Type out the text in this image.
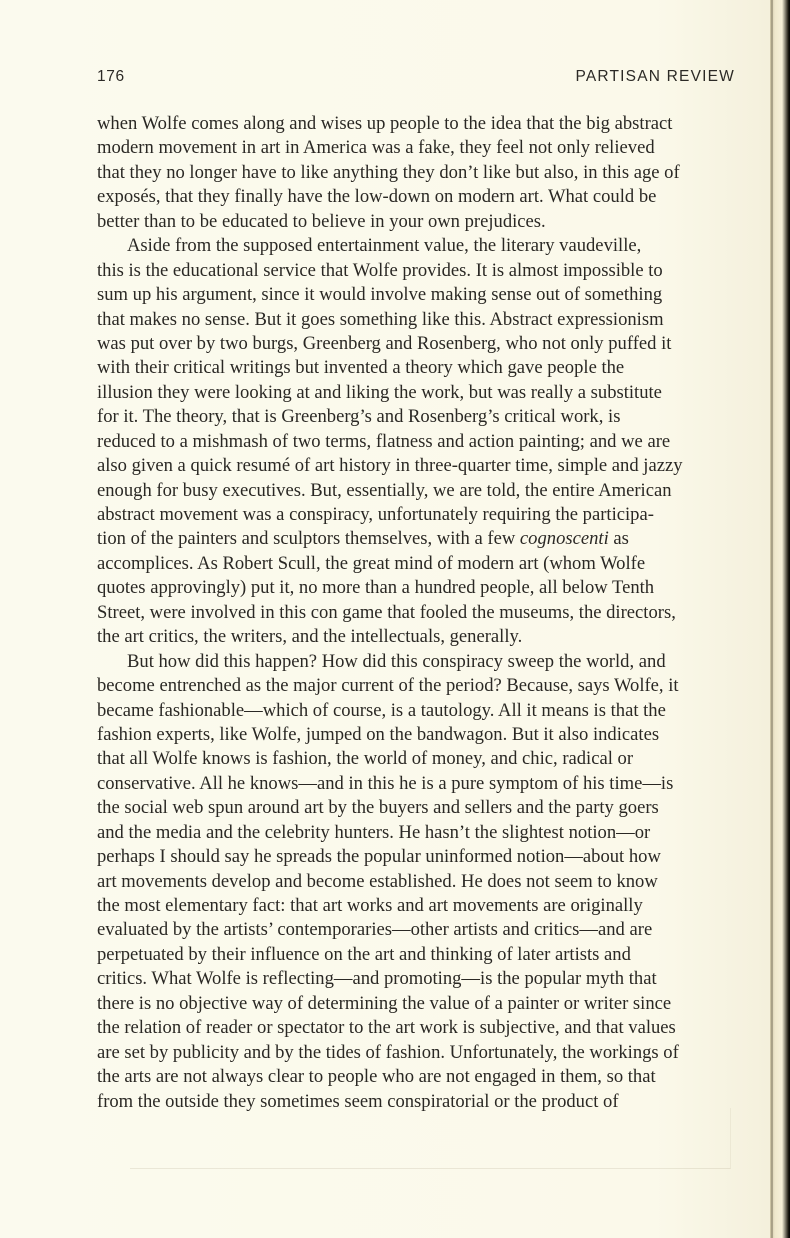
176	PARTISAN REVIEW
when Wolfe comes along and wises up people to the idea that the big abstract
modern movement in art in America was a fake, they feel not only relieved
that they no longer have to like anything they don’t like but also, in this age of
exposés, that they finally have the low-down on modern art. What could be
better than to be educated to believe in your own prejudices.
Aside from the supposed entertainment value, the literary vaudeville,
this is the educational service that Wolfe provides. It is almost impossible to
sum up his argument, since it would involve making sense out of something
that makes no sense. But it goes something like this. Abstract expressionism
was put over by two burgs, Greenberg and Rosenberg, who not only puffed it
with their critical writings but invented a theory which gave people the
illusion they were looking at and liking the work, but was really a substitute
for it. The theory, that is Greenberg’s and Rosenberg’s critical work, is
reduced to a mishmash of two terms, flatness and action painting; and we are
also given a quick resumé of art history in three-quarter time, simple and jazzy
enough for busy executives. But, essentially, we are told, the entire American
abstract movement was a conspiracy, unfortunately requiring the participa-
tion of the painters and sculptors themselves, with a few cognoscenti as
accomplices. As Robert Scull, the great mind of modern art (whom Wolfe
quotes approvingly) put it, no more than a hundred people, all below Tenth
Street, were involved in this con game that fooled the museums, the directors,
the art critics, the writers, and the intellectuals, generally.
But how did this happen? How did this conspiracy sweep the world, and
become entrenched as the major current of the period? Because, says Wolfe, it
became fashionable—which of course, is a tautology. All it means is that the
fashion experts, like Wolfe, jumped on the bandwagon. But it also indicates
that all Wolfe knows is fashion, the world of money, and chic, radical or
conservative. All he knows—and in this he is a pure symptom of his time—is
the social web spun around art by the buyers and sellers and the party goers
and the media and the celebrity hunters. He hasn’t the slightest notion—or
perhaps I should say he spreads the popular uninformed notion—about how
art movements develop and become established. He does not seem to know
the most elementary fact: that art works and art movements are originally
evaluated by the artists’ contemporaries—other artists and critics—and are
perpetuated by their influence on the art and thinking of later artists and
critics. What Wolfe is reflecting—and promoting—is the popular myth that
there is no objective way of determining the value of a painter or writer since
the relation of reader or spectator to the art work is subjective, and that values
are set by publicity and by the tides of fashion. Unfortunately, the workings of
the arts are not always clear to people who are not engaged in them, so that
from the outside they sometimes seem conspiratorial or the product of
